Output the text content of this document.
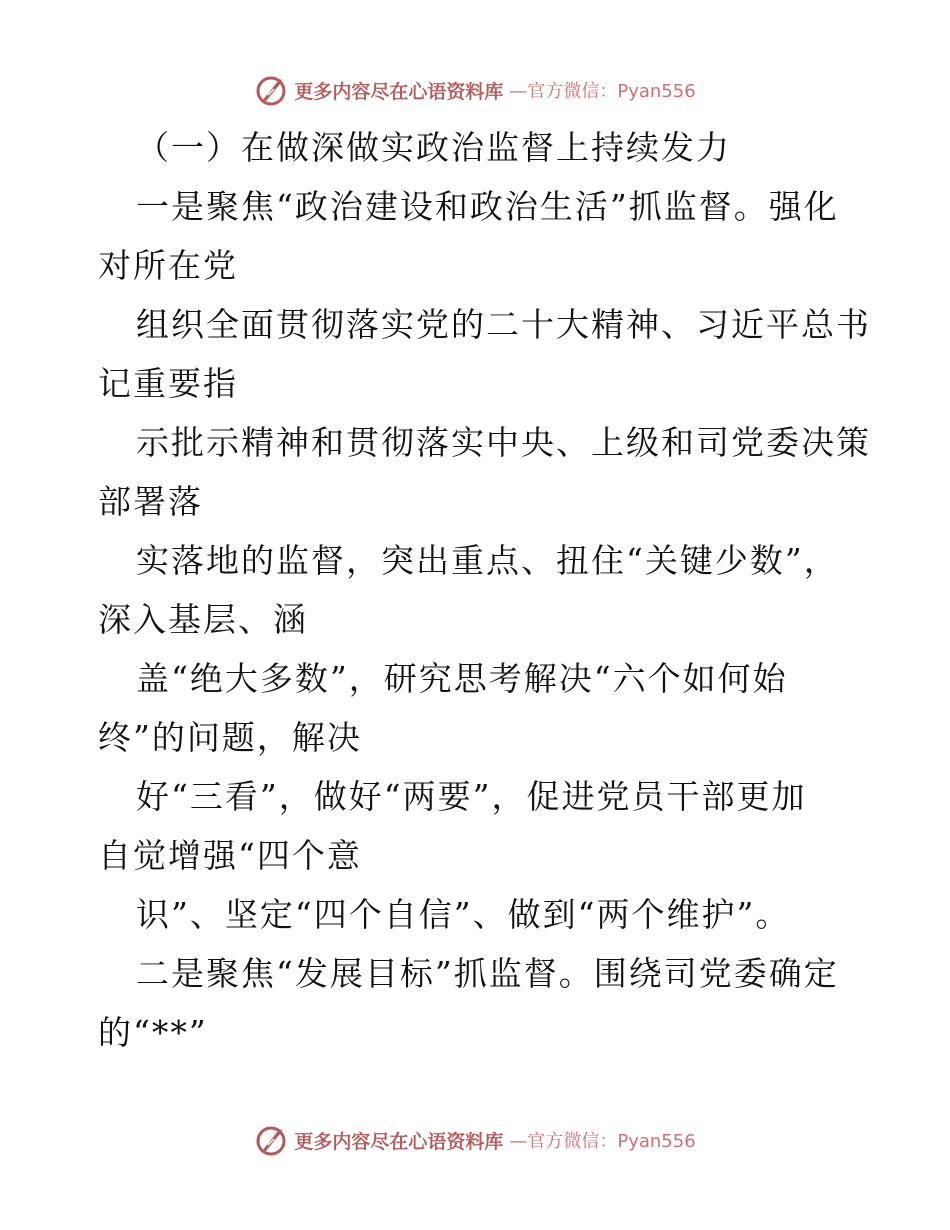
更多内容尽在心语资料库 —官方微信：Pyan556
（一）在做深做实政治监督上持续发力
一是聚焦“政治建设和政治生活”抓监督。强化
对所在党
组织全面贯彻落实党的二十大精神、习近平总书
记重要指
示批示精神和贯彻落实中央、上级和司党委决策
部署落
实落地的监督，突出重点、扭住“关键少数”，
深入基层、涵
盖“绝大多数”，研究思考解决“六个如何始
终”的问题，解决
好“三看”，做好“两要”，促进党员干部更加
自觉增强“四个意
识”、坚定“四个自信”、做到“两个维护”。
二是聚焦“发展目标”抓监督。围绕司党委确定
的“**”
更多内容尽在心语资料库 —官方微信：Pyan556
